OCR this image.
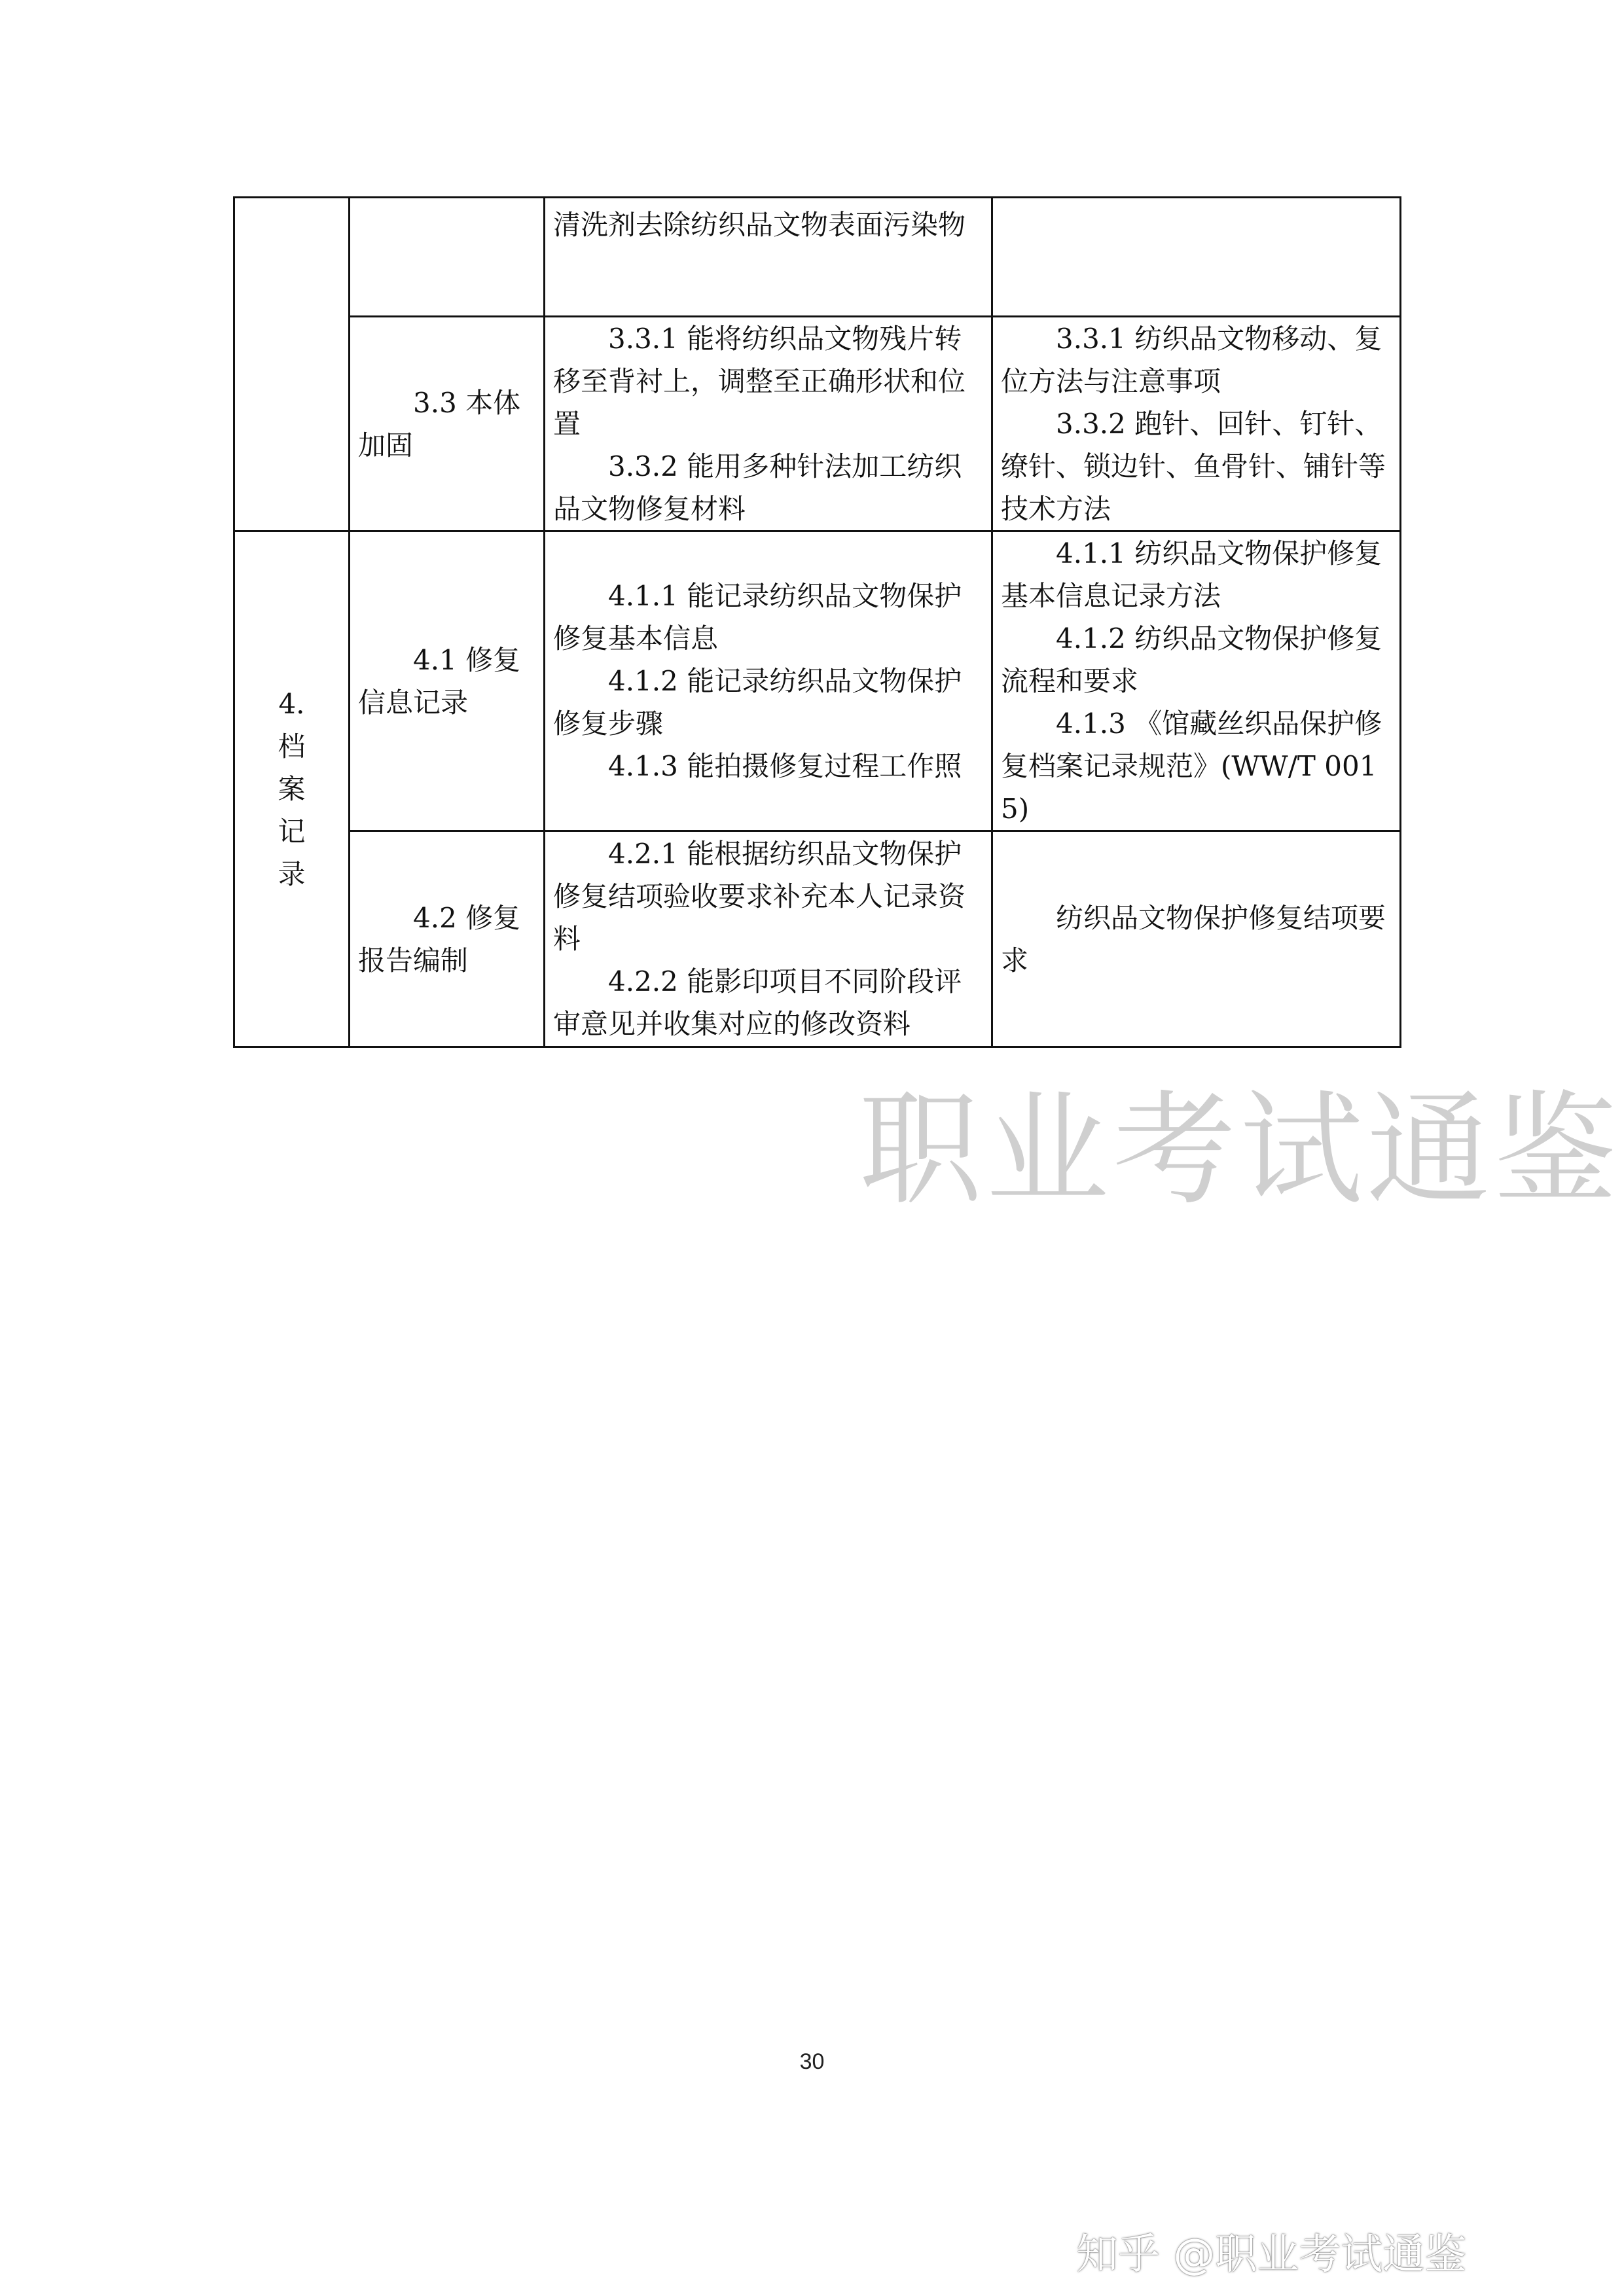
		清洗剂去除纺织品文物表面污染物	

	3.3 本体加固	3.3.1 能将纺织品文物残片转移至背衬上，调整至正确形状和位置
3.3.2 能用多种针法加工纺织品文物修复材料	3.3.1 纺织品文物移动、复位方法与注意事项
3.3.2 跑针、回针、钉针、缭针、锁边针、鱼骨针、铺针等技术方法

4.
档
案
记
录	4.1 修复信息记录	4.1.1 能记录纺织品文物保护修复基本信息
4.1.2 能记录纺织品文物保护修复步骤
4.1.3 能拍摄修复过程工作照	4.1.1 纺织品文物保护修复基本信息记录方法
4.1.2 纺织品文物保护修复流程和要求
4.1.3 《馆藏丝织品保护修复档案记录规范》(WW/T 0015)

	4.2 修复报告编制	4.2.1 能根据纺织品文物保护修复结项验收要求补充本人记录资料
4.2.2 能影印项目不同阶段评审意见并收集对应的修改资料	纺织品文物保护修复结项要求
职业考试通鉴
30
知乎 @职业考试通鉴
